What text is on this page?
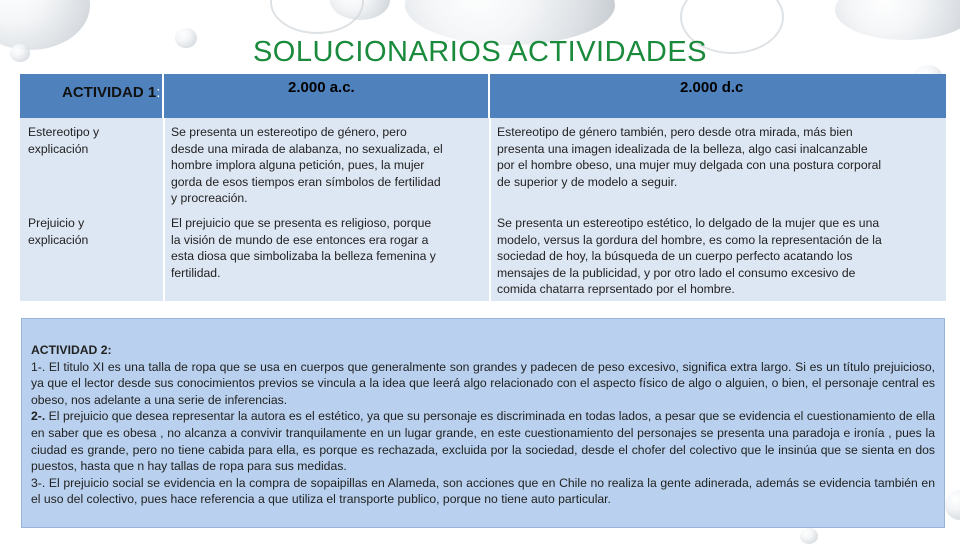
SOLUCIONARIOS ACTIVIDADES
ACTIVIDAD 1:	2.000 a.c.	2.000 d.c
Estereotipo y
explicación
Se presenta un estereotipo de género, pero
desde una mirada de alabanza, no sexualizada, el
hombre implora alguna petición, pues, la mujer
gorda de esos tiempos eran símbolos de fertilidad
y procreación.
Estereotipo de género también, pero desde otra mirada, más bien
presenta una imagen idealizada de la belleza, algo casi inalcanzable
por el hombre obeso, una mujer muy delgada con una postura corporal
de superior y de modelo a seguir.
Prejuicio y
explicación
El prejuicio que se presenta es religioso, porque
la visión de mundo de ese entonces era rogar a
esta diosa que simbolizaba la belleza femenina y
fertilidad.
Se presenta un estereotipo estético, lo delgado de la mujer que es una
modelo, versus la gordura del hombre, es como la representación de la
sociedad de hoy, la búsqueda de un cuerpo perfecto acatando los
mensajes de la publicidad, y por otro lado el consumo excesivo de
comida chatarra reprsentado por el hombre.

ACTIVIDAD 2:

1-. El titulo XI es una talla de ropa que se usa en cuerpos que generalmente son grandes y padecen de peso excesivo, significa extra largo. Si es un título prejuicioso, ya que el lector desde sus conocimientos previos se vincula a la idea que leerá algo relacionado con el aspecto físico de algo o alguien, o bien, el personaje central es obeso, nos adelante a una serie de inferencias.

2-. El prejuicio que desea representar la autora es el estético, ya que su personaje es discriminada en todas lados, a pesar que se evidencia el cuestionamiento de ella en saber que es obesa , no alcanza a convivir tranquilamente en un lugar grande, en este cuestionamiento del personajes se presenta una paradoja e ironía , pues la ciudad es grande, pero no tiene cabida para ella, es porque es rechazada, excluida por la sociedad, desde el chofer del colectivo que le insinúa que se sienta en dos puestos, hasta que n hay tallas de ropa para sus medidas.

3-. El prejuicio social se evidencia en la compra de sopaipillas en Alameda, son acciones que en Chile no realiza la gente adinerada, además se evidencia también en el uso del colectivo, pues hace referencia a que utiliza el transporte publico, porque no tiene auto particular.
